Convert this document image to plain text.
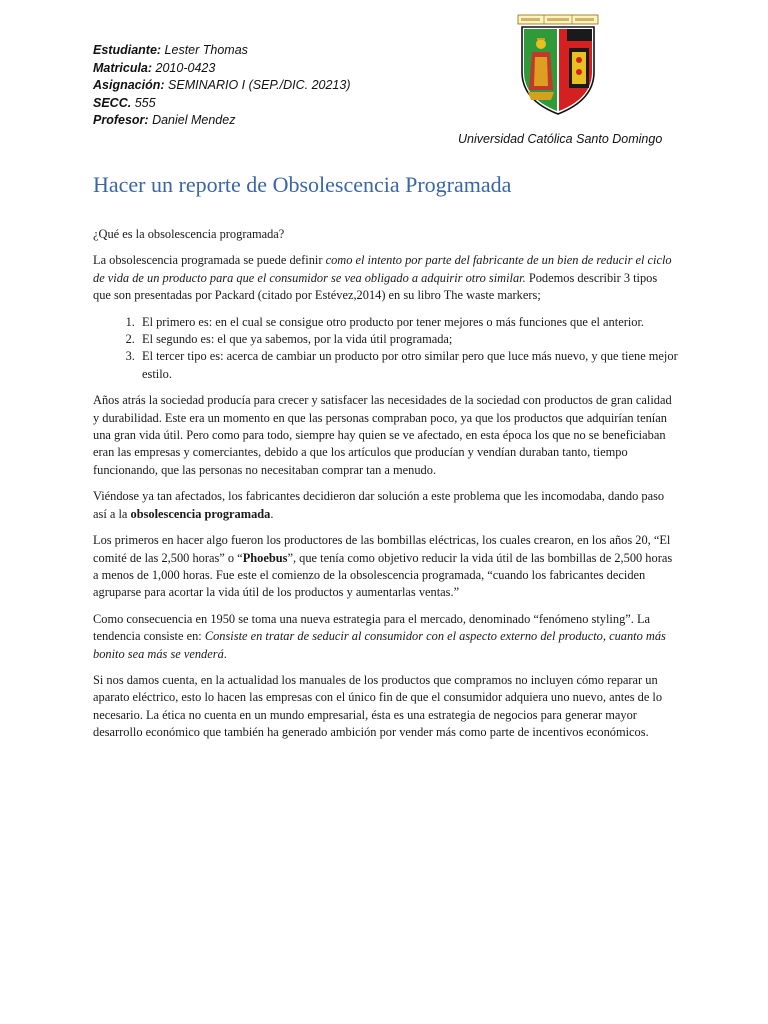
Estudiante: Lester Thomas
Matricula: 2010-0423
Asignación: SEMINARIO I (SEP./DIC. 20213)
SECC. 555
Profesor: Daniel Mendez
Universidad Católica Santo Domingo
Hacer un reporte de Obsolescencia Programada

¿Qué es la obsolescencia programada?

La obsolescencia programada se puede definir como el intento por parte del fabricante de un bien de reducir el ciclo de vida de un producto para que el consumidor se vea obligado a adquirir otro similar. Podemos describir 3 tipos que son presentadas por Packard (citado por Estévez,2014) en su libro The waste markers;

1. El primero es: en el cual se consigue otro producto por tener mejores o más funciones que el anterior.
2. El segundo es: el que ya sabemos, por la vida útil programada;
3. El tercer tipo es: acerca de cambiar un producto por otro similar pero que luce más nuevo, y que tiene mejor estilo.

Años atrás la sociedad producía para crecer y satisfacer las necesidades de la sociedad con productos de gran calidad y durabilidad. Este era un momento en que las personas compraban poco, ya que los productos que adquirían tenían una gran vida útil. Pero como para todo, siempre hay quien se ve afectado, en esta época los que no se beneficiaban eran las empresas y comerciantes, debido a que los artículos que producían y vendían duraban tanto, tiempo funcionando, que las personas no necesitaban comprar tan a menudo.

Viéndose ya tan afectados, los fabricantes decidieron dar solución a este problema que les incomodaba, dando paso así a la obsolescencia programada.

Los primeros en hacer algo fueron los productores de las bombillas eléctricas, los cuales crearon, en los años 20, “El comité de las 2,500 horas” o “Phoebus”, que tenía como objetivo reducir la vida útil de las bombillas de 2,500 horas a menos de 1,000 horas. Fue este el comienzo de la obsolescencia programada, “cuando los fabricantes deciden agruparse para acortar la vida útil de los productos y aumentarlas ventas.”

Como consecuencia en 1950 se toma una nueva estrategia para el mercado, denominado “fenómeno styling”. La tendencia consiste en: Consiste en tratar de seducir al consumidor con el aspecto externo del producto, cuanto más bonito sea más se venderá.

Si nos damos cuenta, en la actualidad los manuales de los productos que compramos no incluyen cómo reparar un aparato eléctrico, esto lo hacen las empresas con el único fin de que el consumidor adquiera uno nuevo, antes de lo necesario. La ética no cuenta en un mundo empresarial, ésta es una estrategia de negocios para generar mayor desarrollo económico que también ha generado ambición por vender más como parte de incentivos económicos.
